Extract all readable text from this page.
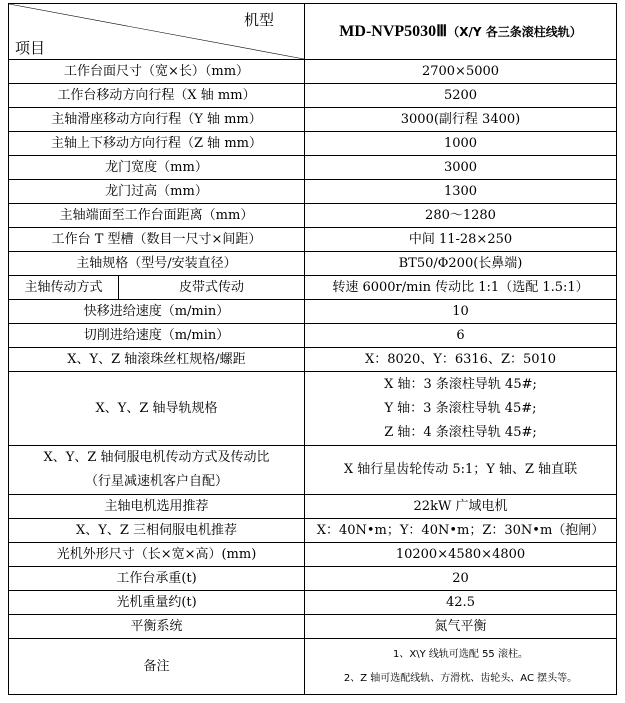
机型
项目		MD-NVP5030Ⅲ（X/Y 各三条滚柱线轨）
工作台面尺寸（宽×长）（mm）		2700×5000
工作台移动方向行程（X 轴 mm）		5200
主轴滑座移动方向行程（Y 轴 mm）		3000(副行程 3400)
主轴上下移动方向行程（Z 轴 mm）		1000
龙门宽度（mm）		3000
龙门过高（mm）		1300
主轴端面至工作台面距离（mm）		280～1280
工作台 T 型槽（数目一尺寸×间距）		中间 11-28×250
主轴规格（型号/安装直径）		BT50/Φ200(长鼻端)
主轴传动方式	皮带式传动	转速 6000r/min 传动比 1:1（选配 1.5:1）
快移进给速度（m/min）		10
切削进给速度（m/min）		6
X、Y、Z 轴滚珠丝杠规格/螺距		X：8020、Y：6316、Z：5010
X、Y、Z 轴导轨规格		X 轴：3 条滚柱导轨 45#;
Y 轴：3 条滚柱导轨 45#;
Z 轴：4 条滚柱导轨 45#;

X、Y、Z 轴伺服电机传动方式及传动比
（行星减速机客户自配）		X 轴行星齿轮传动 5:1；Y 轴、Z 轴直联
主轴电机选用推荐		22kW 广域电机
X、Y、Z 三相伺服电机推荐		X：40N•m；Y：40N•m；Z：30N•m（抱闸）
光机外形尺寸（长×宽×高）(mm)		10200×4580×4800
工作台承重(t)		20
光机重量约(t)		42.5
平衡系统		氮气平衡
备注		1、X\Y 线轨可选配 55 滚柱。
2、Z 轴可选配线轨、方滑枕、齿轮头、AC 摆头等。
